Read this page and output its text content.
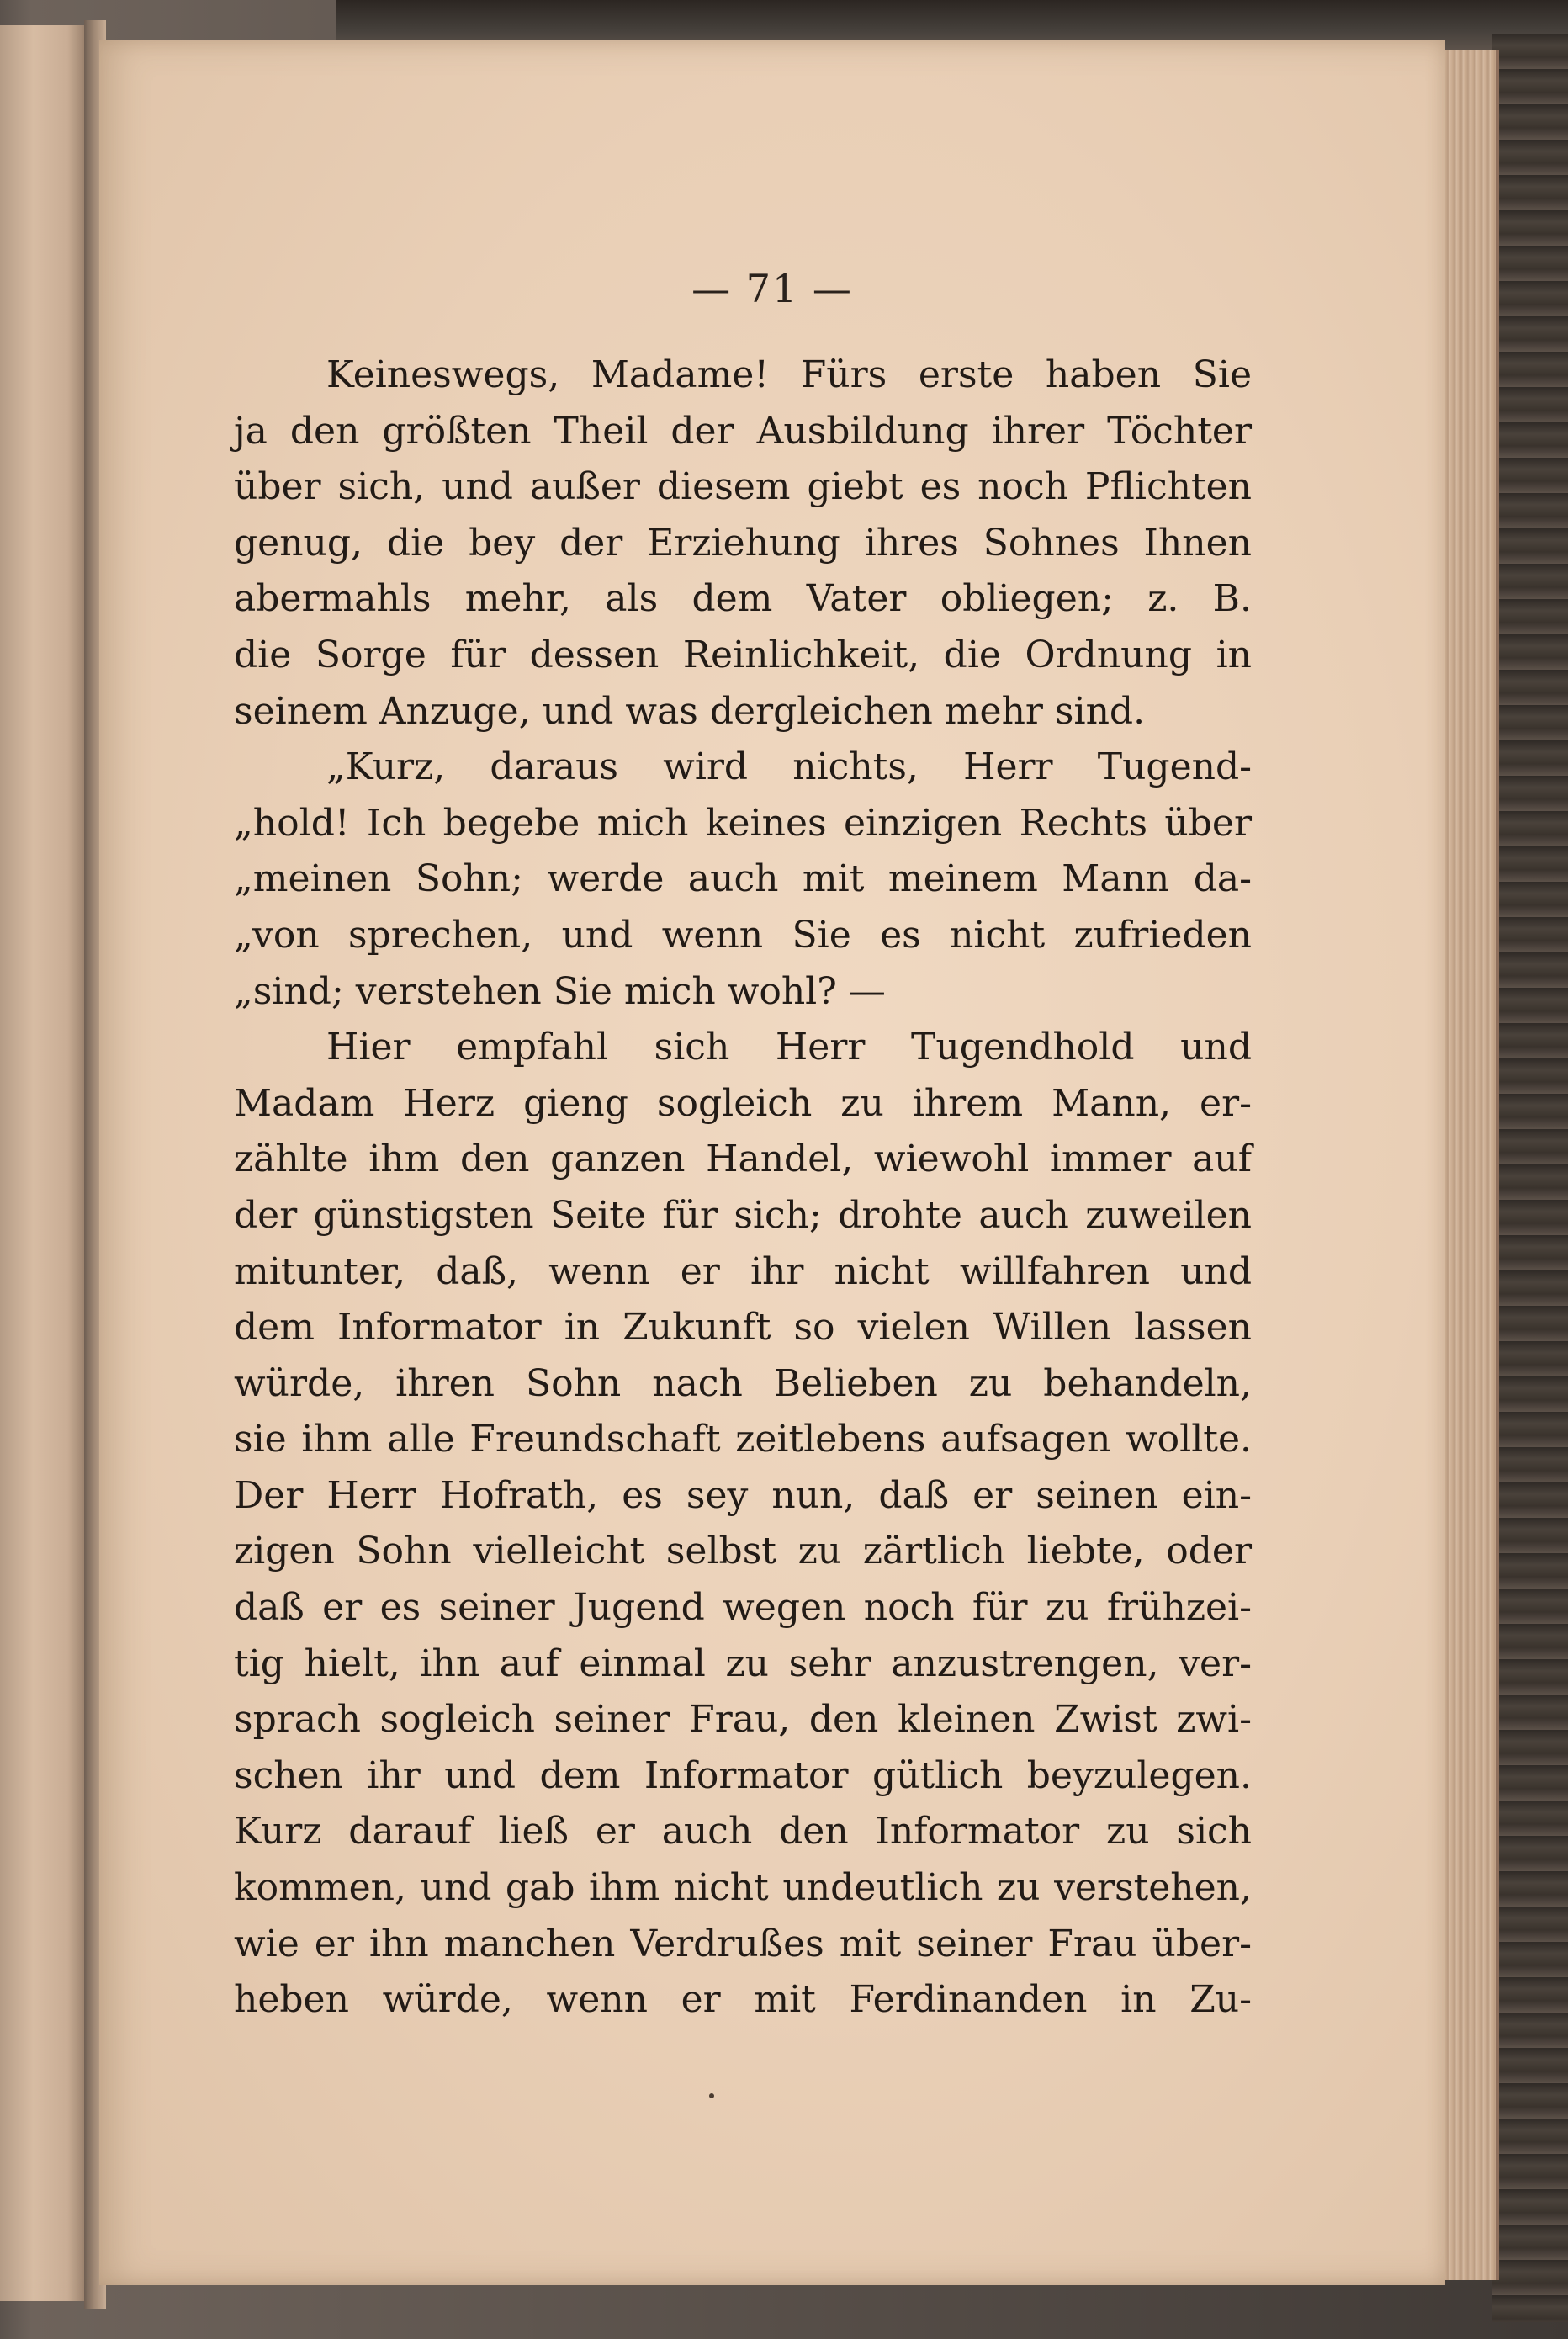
— 71 —
Keineswegs, Madame! Fürs erste haben Sie
ja den größten Theil der Ausbildung ihrer Töchter
über sich, und außer diesem giebt es noch Pflichten
genug, die bey der Erziehung ihres Sohnes Ihnen
abermahls mehr, als dem Vater obliegen; z. B.
die Sorge für dessen Reinlichkeit, die Ordnung in
seinem Anzuge, und was dergleichen mehr sind.
„Kurz, daraus wird nichts, Herr Tugend-
„hold! Ich begebe mich keines einzigen Rechts über
„meinen Sohn; werde auch mit meinem Mann da-
„von sprechen, und wenn Sie es nicht zufrieden
„sind; verstehen Sie mich wohl? —
Hier empfahl sich Herr Tugendhold und
Madam Herz gieng sogleich zu ihrem Mann, er-
zählte ihm den ganzen Handel, wiewohl immer auf
der günstigsten Seite für sich; drohte auch zuweilen
mitunter, daß, wenn er ihr nicht willfahren und
dem Informator in Zukunft so vielen Willen lassen
würde, ihren Sohn nach Belieben zu behandeln,
sie ihm alle Freundschaft zeitlebens aufsagen wollte.
Der Herr Hofrath, es sey nun, daß er seinen ein-
zigen Sohn vielleicht selbst zu zärtlich liebte, oder
daß er es seiner Jugend wegen noch für zu frühzei-
tig hielt, ihn auf einmal zu sehr anzustrengen, ver-
sprach sogleich seiner Frau, den kleinen Zwist zwi-
schen ihr und dem Informator gütlich beyzulegen.
Kurz darauf ließ er auch den Informator zu sich
kommen, und gab ihm nicht undeutlich zu verstehen,
wie er ihn manchen Verdrußes mit seiner Frau über-
heben würde, wenn er mit Ferdinanden in Zu-
